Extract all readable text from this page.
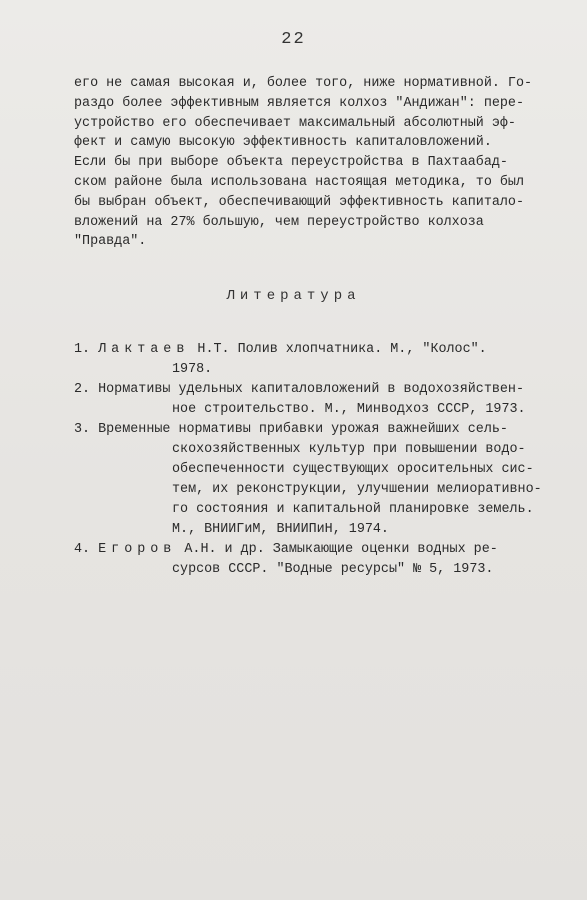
22
его не самая высокая и, более того, ниже нормативной. Го-
раздо более эффективным является колхоз "Андижан": пере-
устройство его обеспечивает максимальный абсолютный эф-
фект и самую высокую эффективность капиталовложений.
Если бы при выборе объекта переустройства в Пахтаабад-
ском районе была использована настоящая методика, то был
бы выбран объект, обеспечивающий эффективность капитало-
вложений на 27% большую, чем переустройство колхоза
"Правда".
Литература
1. Лактаев Н.Т. Полив хлопчатника. М., "Колос".
1978.
2. Нормативы удельных капиталовложений в водохозяйствен-
ное строительство. М., Минводхоз СССР, 1973.
3. Временные нормативы прибавки урожая важнейших сель-
скохозяйственных культур при повышении водо-
обеспеченности существующих оросительных сис-
тем, их реконструкции, улучшении мелиоративно-
го состояния и капитальной планировке земель.
М., ВНИИГиМ, ВНИИПиН, 1974.
4. Егоров А.Н. и др. Замыкающие оценки водных ре-
сурсов СССР. "Водные ресурсы" № 5, 1973.
